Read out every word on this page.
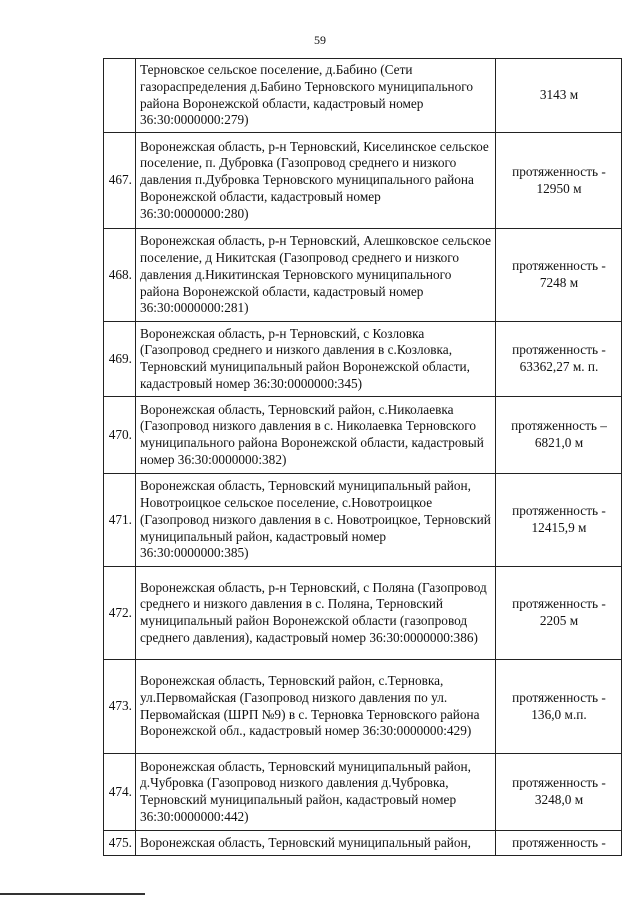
59
	Терновское сельское поселение, д.Бабино (Сети газораспределения д.Бабино Терновского муниципального района Воронежской области, кадастровый номер 36:30:0000000:279)	3143 м
467.	Воронежская область, р-н Терновский, Киселинское сельское поселение, п. Дубровка (Газопровод среднего и низкого давления п.Дубровка Терновского муниципального района Воронежской области, кадастровый номер 36:30:0000000:280)	протяженность - 12950 м
468.	Воронежская область, р-н Терновский, Алешковское сельское поселение, д Никитская (Газопровод среднего и низкого давления д.Никитинская Терновского муниципального района Воронежской области, кадастровый номер 36:30:0000000:281)	протяженность - 7248 м
469.	Воронежская область, р-н Терновский, с Козловка (Газопровод среднего и низкого давления в с.Козловка, Терновский муниципальный район Воронежской области, кадастровый номер 36:30:0000000:345)	протяженность - 63362,27 м. п.
470.	Воронежская область, Терновский район, с.Николаевка (Газопровод низкого давления в с. Николаевка Терновского муниципального района Воронежской области, кадастровый номер 36:30:0000000:382)	протяженность – 6821,0 м
471.	Воронежская область, Терновский муниципальный район, Новотроицкое сельское поселение, с.Новотроицкое (Газопровод низкого давления в с. Новотроицкое, Терновский муниципальный район, кадастровый номер 36:30:0000000:385)	протяженность - 12415,9 м
472.	Воронежская область, р-н Терновский, с Поляна (Газопровод среднего и низкого давления в с. Поляна, Терновский муниципальный район Воронежской области (газопровод среднего давления), кадастровый номер 36:30:0000000:386)	протяженность - 2205 м
473.	Воронежская область, Терновский район, с.Терновка, ул.Первомайская (Газопровод низкого давления по ул. Первомайская (ШРП №9) в с. Терновка Терновского района Воронежской обл., кадастровый номер 36:30:0000000:429)	протяженность - 136,0 м.п.
474.	Воронежская область, Терновский муниципальный район, д.Чубровка (Газопровод низкого давления д.Чубровка, Терновский муниципальный район, кадастровый номер 36:30:0000000:442)	протяженность - 3248,0 м
475.	Воронежская область, Терновский муниципальный район,	протяженность -
